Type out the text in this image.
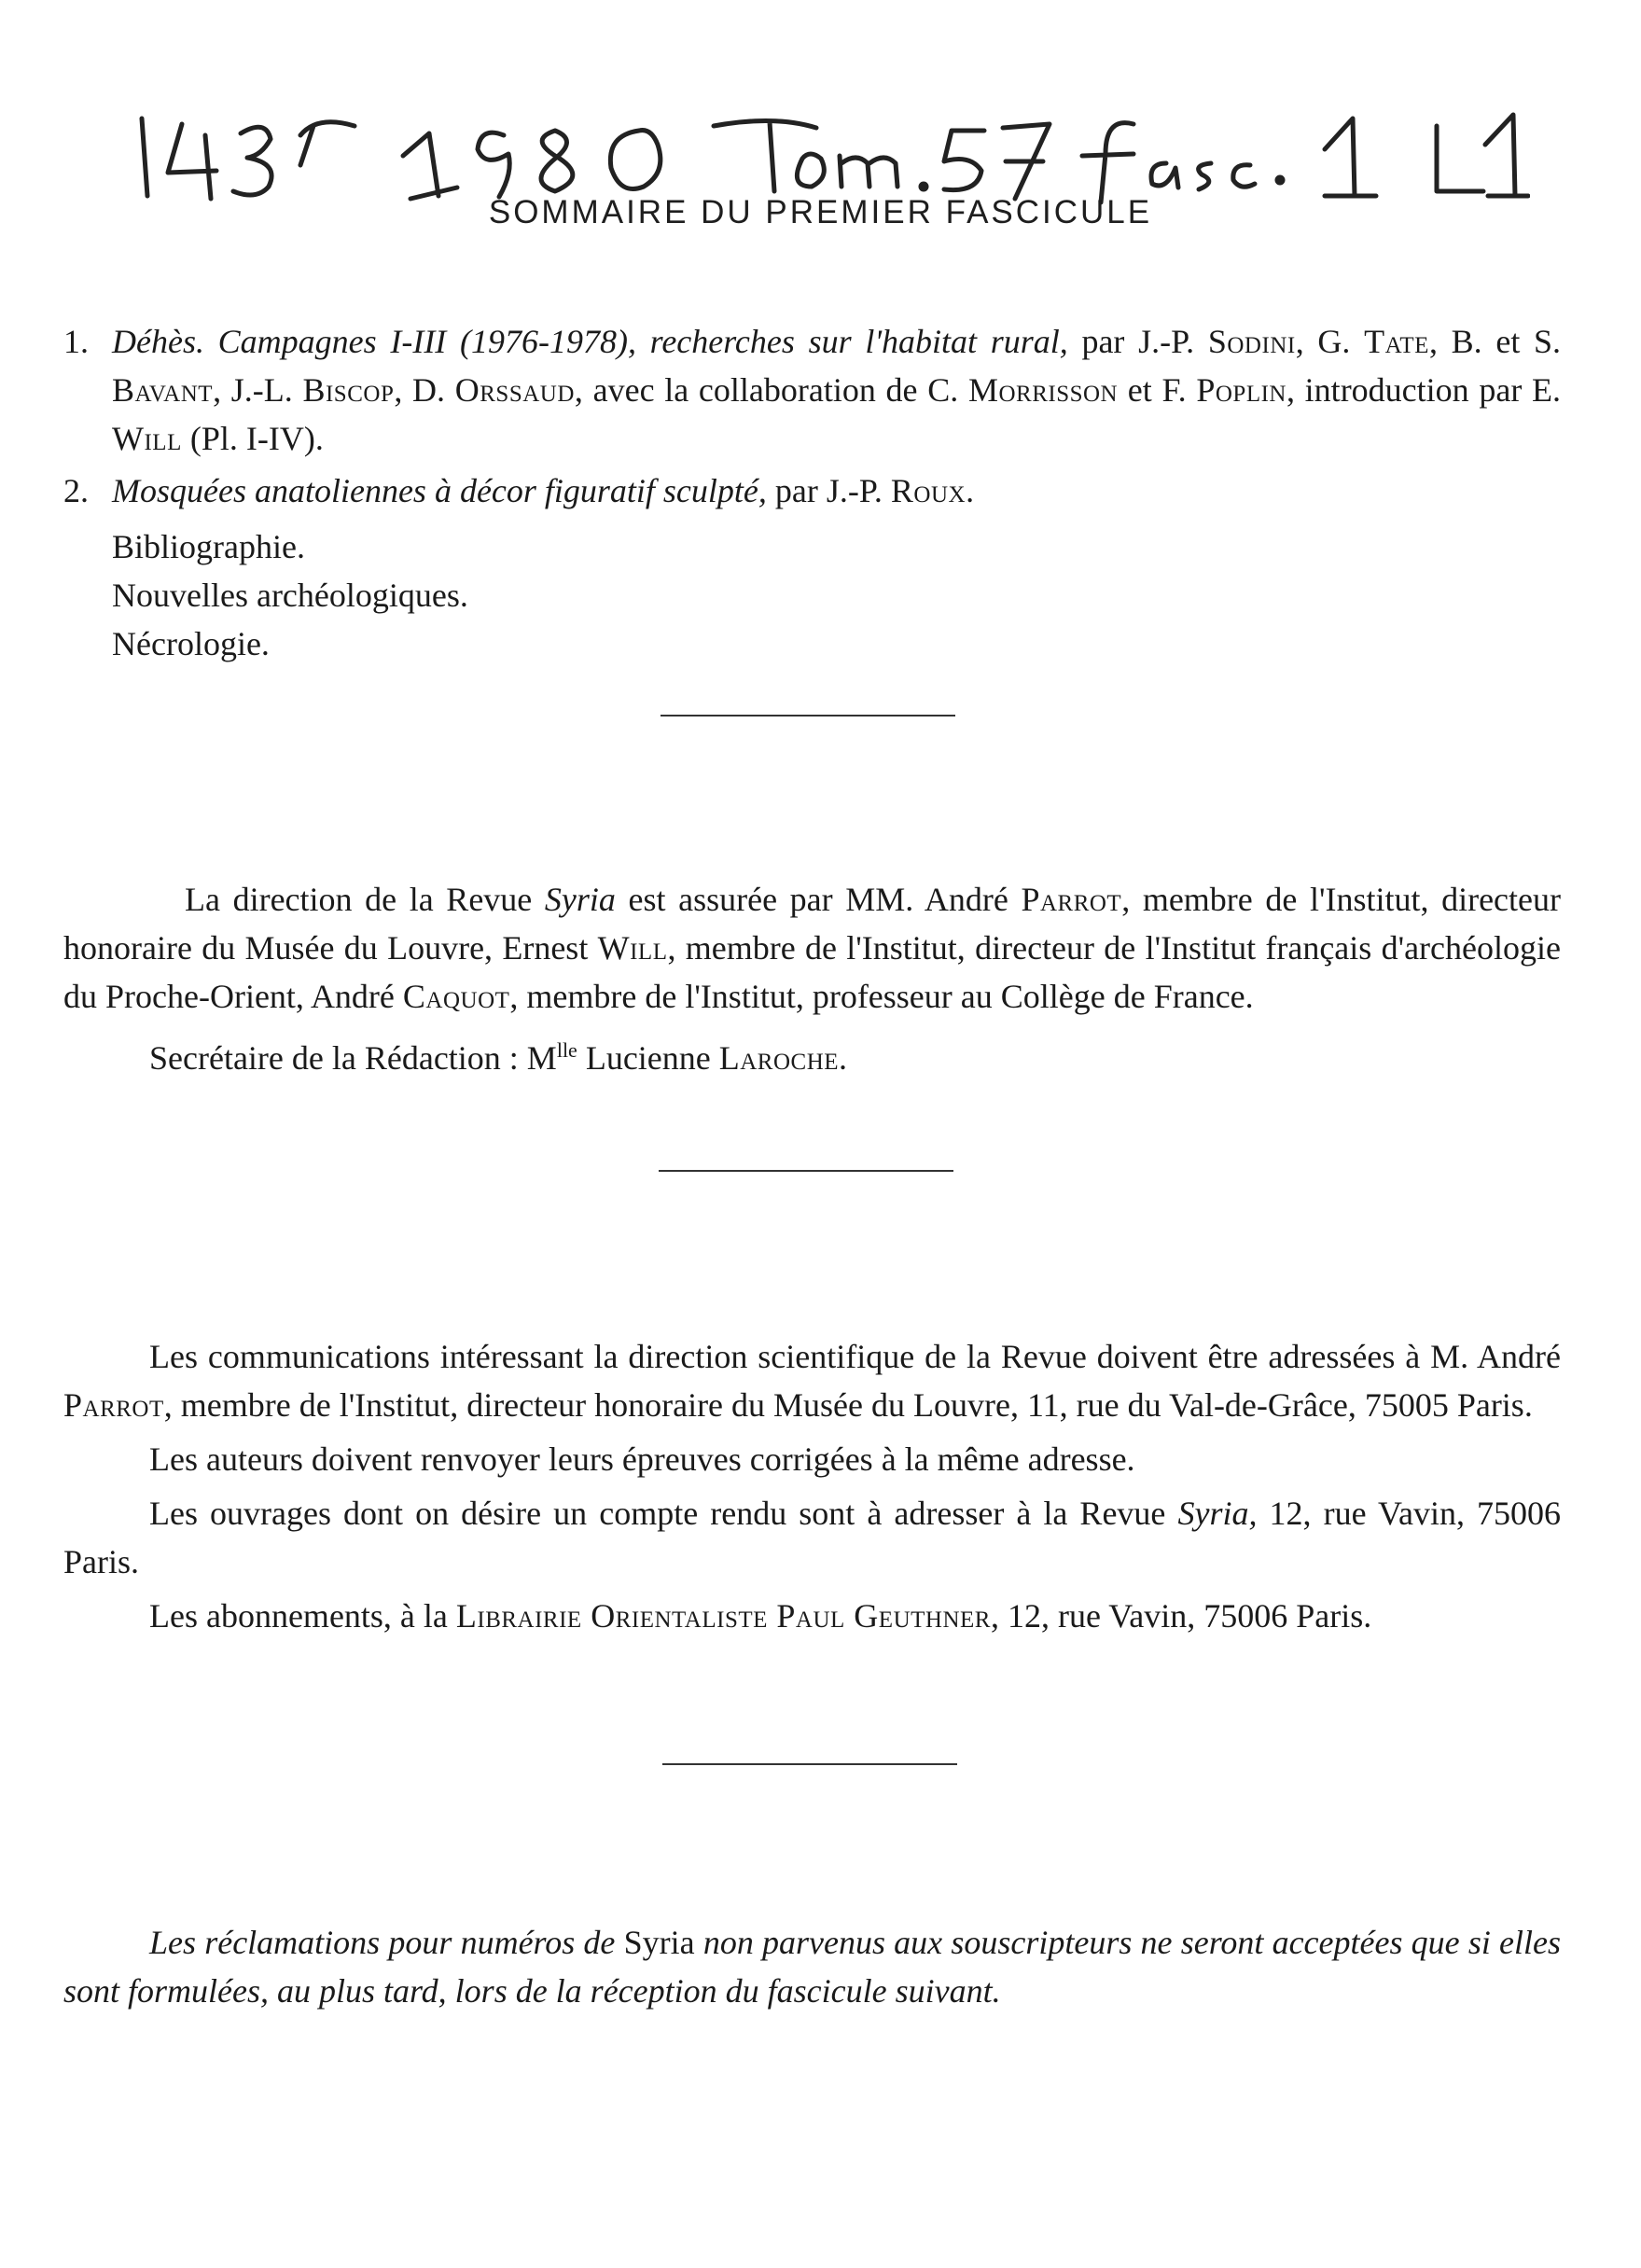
SOMMAIRE DU PREMIER FASCICULE
1. Déhès. Campagnes I-III (1976-1978), recherches sur l'habitat rural, par J.-P. Sodini, G. Tate, B. et S. Bavant, J.-L. Biscop, D. Orssaud, avec la collaboration de C. Morrisson et F. Poplin, introduction par E. Will (Pl. I-IV).
2. Mosquées anatoliennes à décor figuratif sculpté, par J.-P. Roux.

Bibliographie.

Nouvelles archéologiques.

Nécrologie.

La direction de la Revue Syria est assurée par MM. André Parrot, membre de l'Institut, directeur honoraire du Musée du Louvre, Ernest Will, membre de l'Institut, directeur de l'Institut français d'archéologie du Proche-Orient, André Caquot, membre de l'Institut, professeur au Collège de France.

Secrétaire de la Rédaction : $M^{lle}$ Lucienne Laroche.

Les communications intéressant la direction scientifique de la Revue doivent être adressées à M. André Parrot, membre de l'Institut, directeur honoraire du Musée du Louvre, 11, rue du Val-de-Grâce, 75005 Paris.

Les auteurs doivent renvoyer leurs épreuves corrigées à la même adresse.

Les ouvrages dont on désire un compte rendu sont à adresser à la Revue Syria, 12, rue Vavin, 75006 Paris.

Les abonnements, à la Librairie Orientaliste Paul Geuthner, 12, rue Vavin, 75006 Paris.

Les réclamations pour numéros de Syria non parvenus aux souscripteurs ne seront acceptées que si elles sont formulées, au plus tard, lors de la réception du fascicule suivant.
